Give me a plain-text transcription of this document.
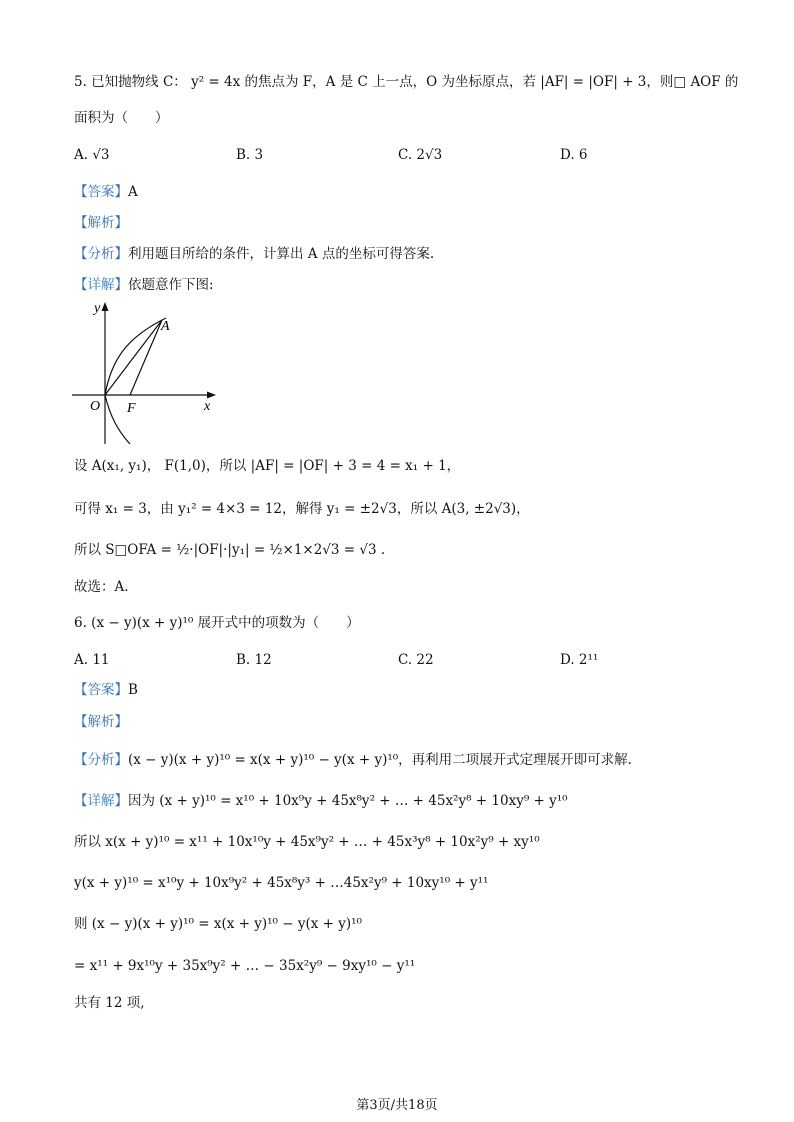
5. 已知抛物线 C： y² = 4x 的焦点为 F，A 是 C 上一点，O 为坐标原点，若 |AF| = |OF| + 3，则□ AOF 的
面积为（　　）
A. √3	B. 3	C. 2√3	D. 6
【答案】A
【解析】
【分析】利用题目所给的条件，计算出 A 点的坐标可得答案.
【详解】依题意作下图:
y
x
O F
A
设 A(x₁, y₁)， F(1,0)，所以 |AF| = |OF| + 3 = 4 = x₁ + 1，
可得 x₁ = 3，由 y₁² = 4×3 = 12，解得 y₁ = ±2√3，所以 A(3, ±2√3)，
所以 S□OFA = ½·|OF|·|y₁| = ½×1×2√3 = √3 .
故选：A.
6. (x − y)(x + y)¹⁰ 展开式中的项数为（　　）
A. 11	B. 12	C. 22	D. 2¹¹
【答案】B
【解析】
【分析】(x − y)(x + y)¹⁰ = x(x + y)¹⁰ − y(x + y)¹⁰，再利用二项展开式定理展开即可求解.
【详解】因为 (x + y)¹⁰ = x¹⁰ + 10x⁹y + 45x⁸y² + … + 45x²y⁸ + 10xy⁹ + y¹⁰
所以 x(x + y)¹⁰ = x¹¹ + 10x¹⁰y + 45x⁹y² + … + 45x³y⁸ + 10x²y⁹ + xy¹⁰
y(x + y)¹⁰ = x¹⁰y + 10x⁹y² + 45x⁸y³ + …45x²y⁹ + 10xy¹⁰ + y¹¹
则 (x − y)(x + y)¹⁰ = x(x + y)¹⁰ − y(x + y)¹⁰
= x¹¹ + 9x¹⁰y + 35x⁹y² + … − 35x²y⁹ − 9xy¹⁰ − y¹¹
共有 12 项,
第3页/共18页
